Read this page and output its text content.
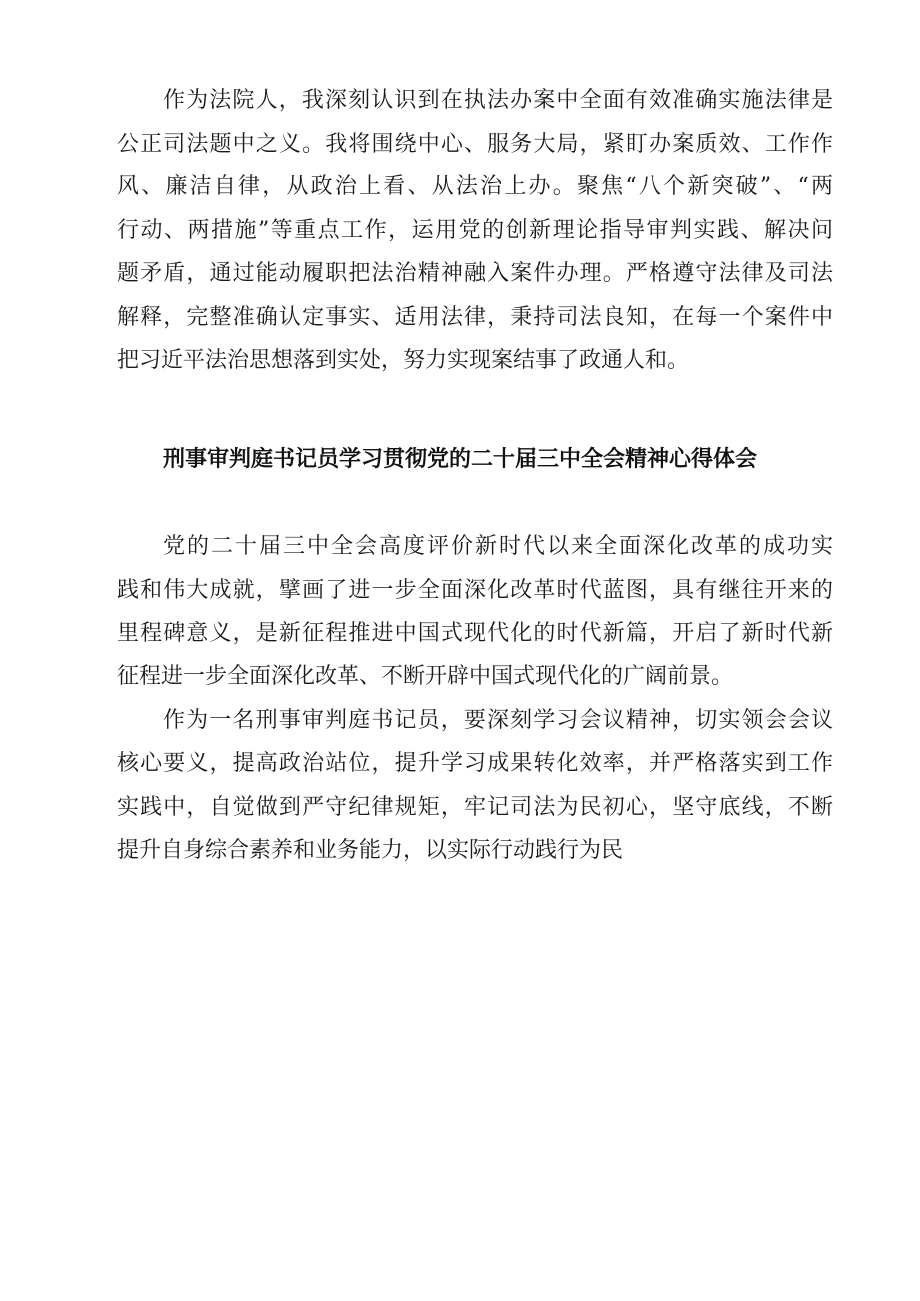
作为法院人，我深刻认识到在执法办案中全面有效准确实施法律是
公正司法题中之义。我将围绕中心、服务大局，紧盯办案质效、工作作
风、廉洁自律，从政治上看、从法治上办。聚焦“八个新突破”、“两
行动、两措施”等重点工作，运用党的创新理论指导审判实践、解决问
题矛盾，通过能动履职把法治精神融入案件办理。严格遵守法律及司法
解释，完整准确认定事实、适用法律，秉持司法良知，在每一个案件中
把习近平法治思想落到实处，努力实现案结事了政通人和。
刑事审判庭书记员学习贯彻党的二十届三中全会精神心得体会
党的二十届三中全会高度评价新时代以来全面深化改革的成功实
践和伟大成就，擘画了进一步全面深化改革时代蓝图，具有继往开来的
里程碑意义，是新征程推进中国式现代化的时代新篇，开启了新时代新
征程进一步全面深化改革、不断开辟中国式现代化的广阔前景。
作为一名刑事审判庭书记员，要深刻学习会议精神，切实领会会议
核心要义，提高政治站位，提升学习成果转化效率，并严格落实到工作
实践中，自觉做到严守纪律规矩，牢记司法为民初心，坚守底线，不断
提升自身综合素养和业务能力，以实际行动践行为民
